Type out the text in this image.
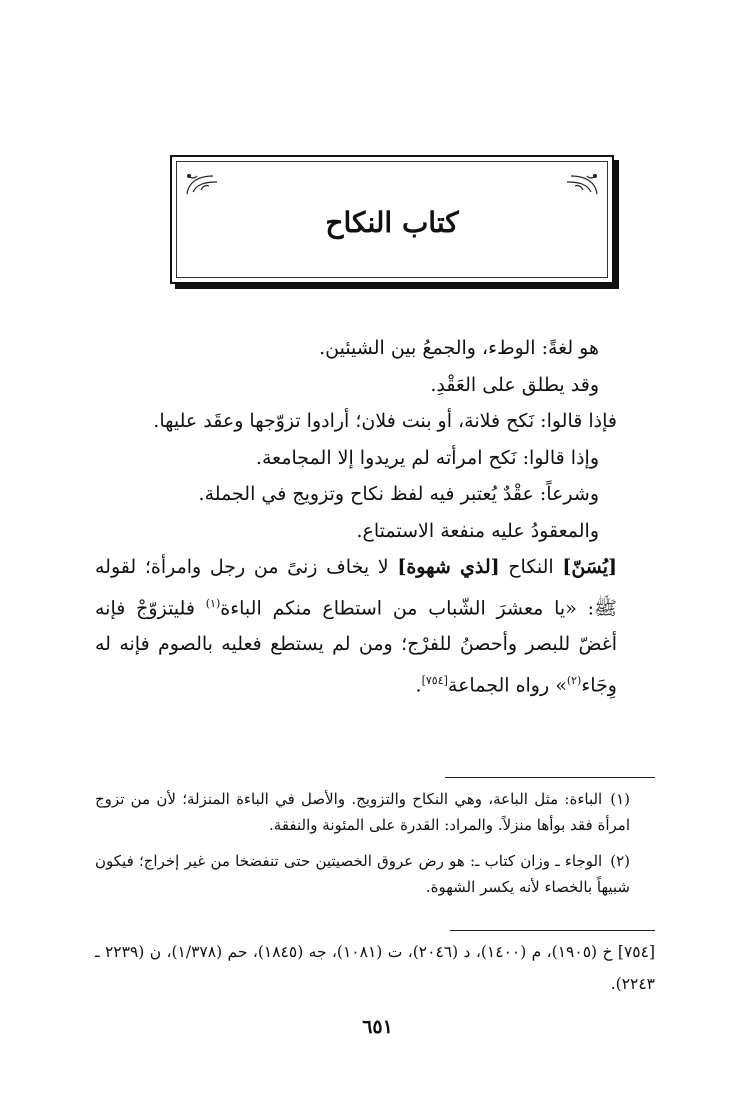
كتاب النكاح

هو لغةً: الوطء، والجمعُ بين الشيئين.

وقد يطلق على العَقْدِ.

فإذا قالوا: نَكح فلانة، أو بنت فلان؛ أرادوا تزوّجها وعقَد عليها.

وإذا قالوا: نَكح امرأته لم يريدوا إلا المجامعة.

وشرعاً: عقْدٌ يُعتبر فيه لفظ نكاح وتزويج في الجملة.

والمعقودُ عليه منفعة الاستمتاع.

[يُسَنّ] النكاح [لذي شهوة] لا يخاف زنىً من رجل وامرأة؛ لقوله ﷺ: «يا معشرَ الشّباب من استطاع منكم الباءة$^{(١)}$ فليتزوّجْ فإنه أغضّ للبصر وأحصنُ للفرْج؛ ومن لم يستطع فعليه بالصوم فإنه له وِجَاء$^{(٢)}$» رواه الجماعة[٧٥٤].

(١)الباءة: مثل الباعة، وهي النكاح والتزويج. والأصل في الباءة المنزلة؛ لأن من تزوج امرأة فقد بوأها منزلاً. والمراد: القدرة على المئونة والنفقة.

(٢)الوجاء ـ وزان كتاب ـ: هو رض عروق الخصيتين حتى تنفضخا من غير إخراج؛ فيكون شبيهاً بالخصاء لأنه يكسر الشهوة.

[٧٥٤] خ (١٩٠٥)، م (١٤٠٠)، د (٢٠٤٦)، ت (١٠٨١)، جه (١٨٤٥)، حم (١/٣٧٨)، ن (٢٢٣٩ ـ ٢٢٤٣).

٦٥١
